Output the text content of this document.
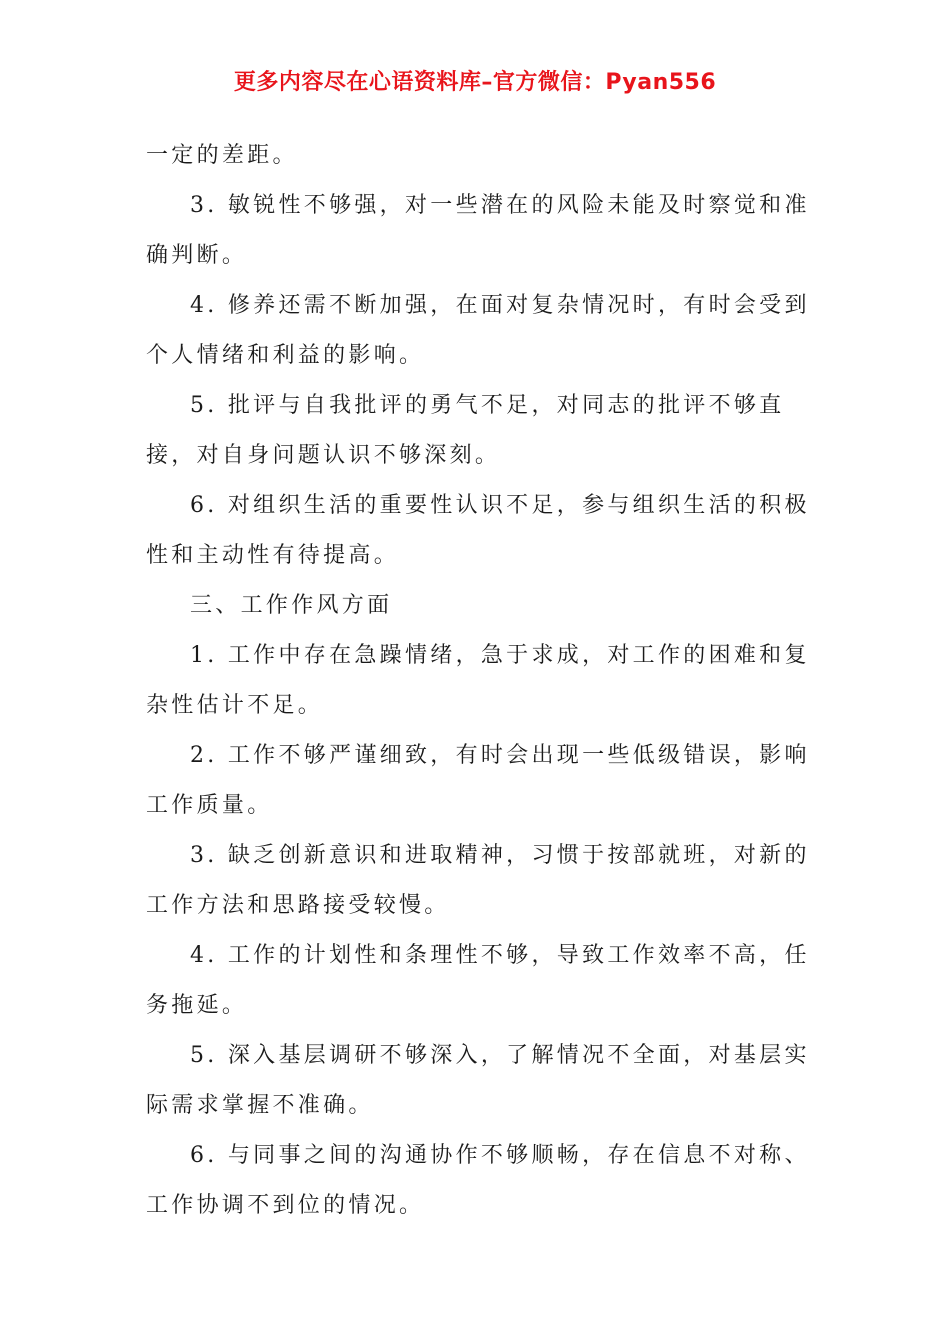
更多内容尽在心语资料库–官方微信：Pyan556

一定的差距。

3. 敏锐性不够强，对一些潜在的风险未能及时察觉和准确判断。

4. 修养还需不断加强，在面对复杂情况时，有时会受到个人情绪和利益的影响。

5. 批评与自我批评的勇气不足，对同志的批评不够直接，对自身问题认识不够深刻。

6. 对组织生活的重要性认识不足，参与组织生活的积极性和主动性有待提高。

三、工作作风方面

1. 工作中存在急躁情绪，急于求成，对工作的困难和复杂性估计不足。

2. 工作不够严谨细致，有时会出现一些低级错误，影响工作质量。

3. 缺乏创新意识和进取精神，习惯于按部就班，对新的工作方法和思路接受较慢。

4. 工作的计划性和条理性不够，导致工作效率不高，任务拖延。

5. 深入基层调研不够深入，了解情况不全面，对基层实际需求掌握不准确。

6. 与同事之间的沟通协作不够顺畅，存在信息不对称、工作协调不到位的情况。
